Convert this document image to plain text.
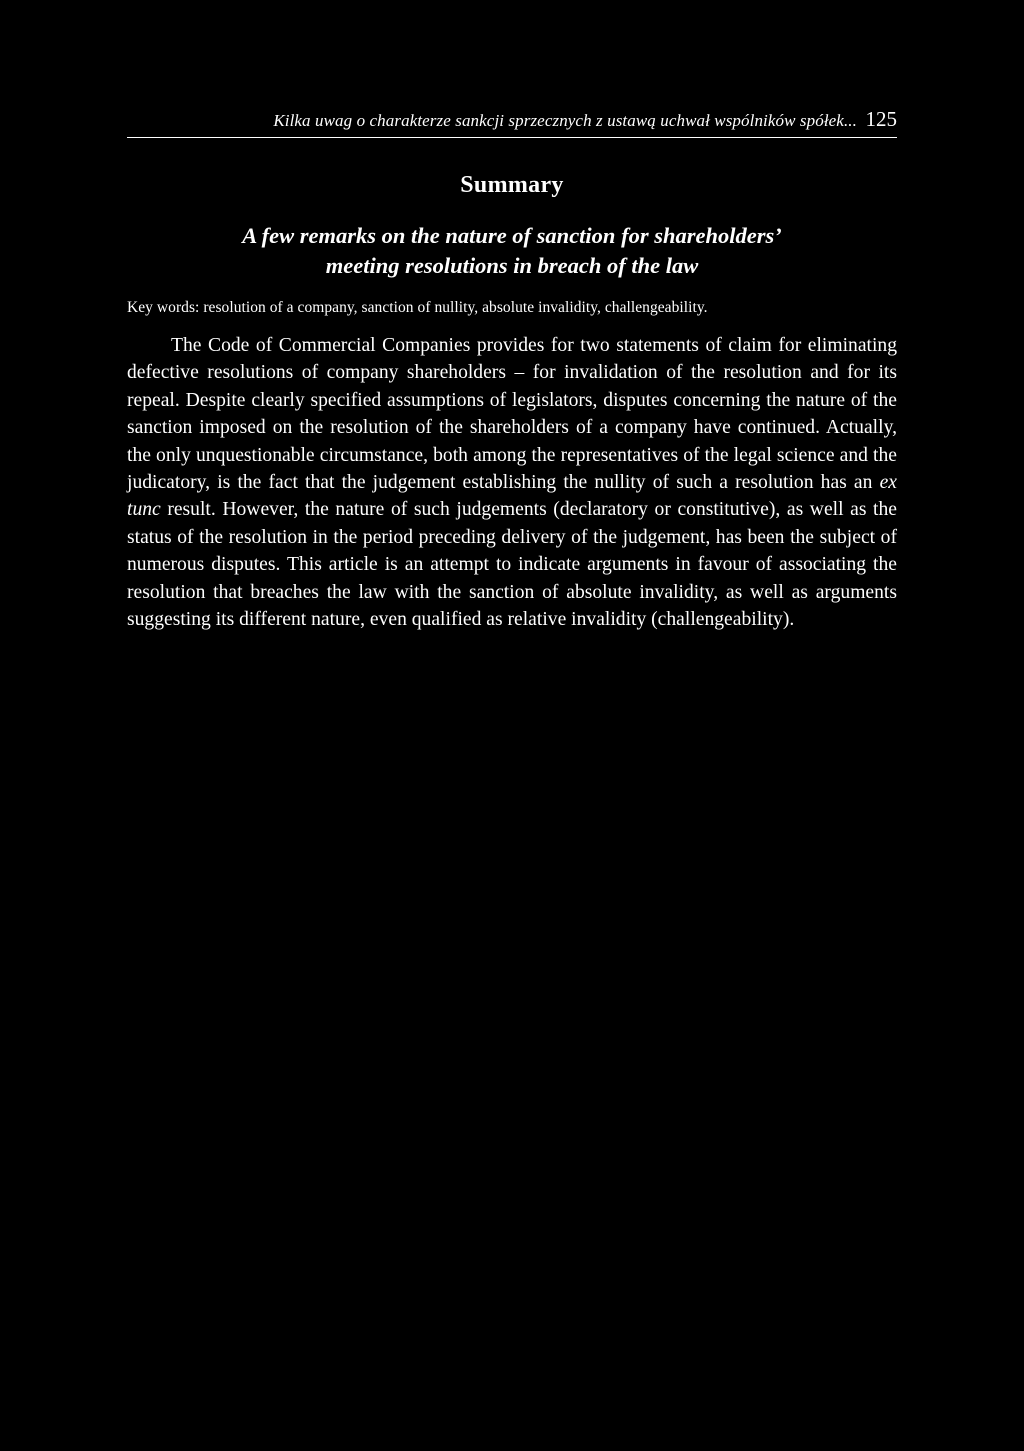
Kilka uwag o charakterze sankcji sprzecznych z ustawą uchwał wspólników spółek... 125
Summary
A few remarks on the nature of sanction for shareholders’
meeting resolutions in breach of the law
Key words: resolution of a company, sanction of nullity, absolute invalidity, challengeability.

The Code of Commercial Companies provides for two statements of claim for eliminating defective resolutions of company shareholders – for invalidation of the resolution and for its repeal. Despite clearly specified assumptions of legislators, disputes concerning the nature of the sanction imposed on the resolution of the shareholders of a company have continued. Actually, the only unquestionable circumstance, both among the representatives of the legal science and the judicatory, is the fact that the judgement establishing the nullity of such a resolution has an ex tunc result. However, the nature of such judgements (declaratory or constitutive), as well as the status of the resolution in the period preceding delivery of the judgement, has been the subject of numerous disputes. This article is an attempt to indicate arguments in favour of associating the resolution that breaches the law with the sanction of absolute invalidity, as well as arguments suggesting its different nature, even qualified as relative invalidity (challengeability).
